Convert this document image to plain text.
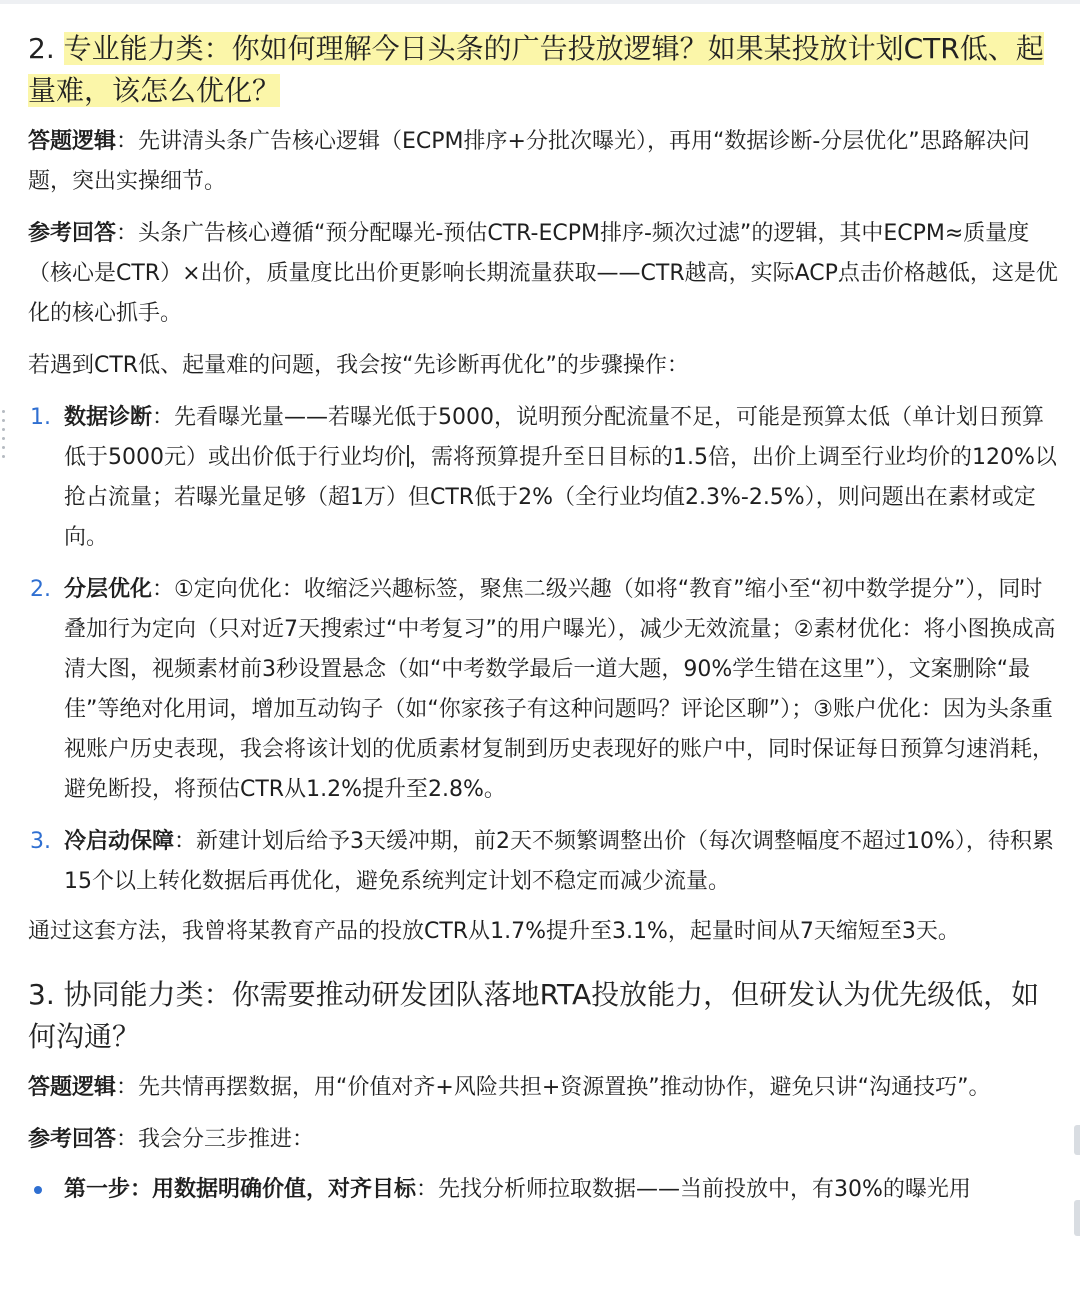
2. 专业能力类：你如何理解今日头条的广告投放逻辑？如果某投放计划CTR低、起量难，该怎么优化？

答题逻辑：先讲清头条广告核心逻辑（ECPM排序+分批次曝光），再用“数据诊断-分层优化”思路解决问题，突出实操细节。

参考回答：头条广告核心遵循“预分配曝光-预估CTR-ECPM排序-频次过滤”的逻辑，其中ECPM≈质量度（核心是CTR）×出价，质量度比出价更影响长期流量获取——CTR越高，实际ACP点击价格越低，这是优化的核心抓手。

若遇到CTR低、起量难的问题，我会按“先诊断再优化”的步骤操作：

1. 数据诊断：先看曝光量——若曝光低于5000，说明预分配流量不足，可能是预算太低（单计划日预算低于5000元）或出价低于行业均价 ，需将预算提升至日目标的1.5倍，出价上调至行业均价的120%以抢占流量；若曝光量足够（超1万）但CTR低于2%（全行业均值2.3%-2.5%），则问题出在素材或定向。
2. 分层优化：①定向优化：收缩泛兴趣标签，聚焦二级兴趣（如将“教育”缩小至“初中数学提分”），同时叠加行为定向（只对近7天搜索过“中考复习”的用户曝光），减少无效流量；②素材优化：将小图换成高清大图，视频素材前3秒设置悬念（如“中考数学最后一道大题，90%学生错在这里”），文案删除“最佳”等绝对化用词，增加互动钩子（如“你家孩子有这种问题吗？评论区聊”）；③账户优化：因为头条重视账户历史表现，我会将该计划的优质素材复制到历史表现好的账户中，同时保证每日预算匀速消耗，避免断投，将预估CTR从1.2%提升至2.8%。
3. 冷启动保障：新建计划后给予3天缓冲期，前2天不频繁调整出价（每次调整幅度不超过10%），待积累15个以上转化数据后再优化，避免系统判定计划不稳定而减少流量。

通过这套方法，我曾将某教育产品的投放CTR从1.7%提升至3.1%，起量时间从7天缩短至3天。

3. 协同能力类：你需要推动研发团队落地RTA投放能力，但研发认为优先级低，如何沟通？

答题逻辑：先共情再摆数据，用“价值对齐+风险共担+资源置换”推动协作，避免只讲“沟通技巧”。

参考回答：我会分三步推进：

第一步：用数据明确价值，对齐目标：先找分析师拉取数据——当前投放中，有30%的曝光用
